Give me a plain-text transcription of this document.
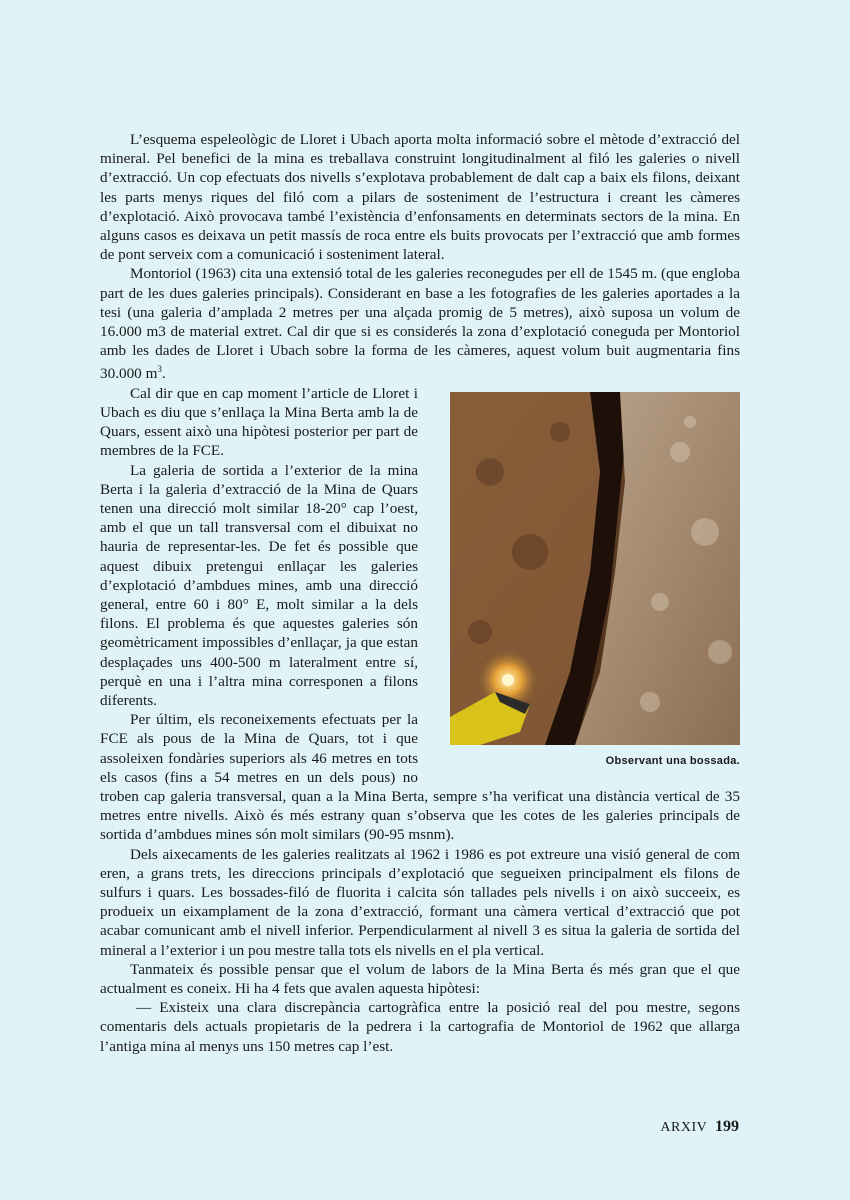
L’esquema espeleològic de Lloret i Ubach aporta molta informació sobre el mètode d’extracció del mineral. Pel benefici de la mina es treballava construint longitudinalment al filó les galeries o nivell d’extracció. Un cop efectuats dos nivells s’explotava probablement de dalt cap a baix els filons, deixant les parts menys riques del filó com a pilars de sosteniment de l’estructura i creant les càmeres d’explotació. Això provocava també l’existència d’enfonsaments en determinats sectors de la mina. En alguns casos es deixava un petit massís de roca entre els buits provocats per l’extracció que amb formes de pont serveix com a comunicació i sosteniment lateral.

Montoriol (1963) cita una extensió total de les galeries reconegudes per ell de 1545 m. (que engloba part de les dues galeries principals). Considerant en base a les fotografies de les galeries aportades a la tesi (una galeria d’amplada 2 metres per una alçada promig de 5 metres), això suposa un volum de 16.000 m3 de material extret. Cal dir que si es considerés la zona d’explotació coneguda per Montoriol amb les dades de Lloret i Ubach sobre la forma de les càmeres, aquest volum buit augmentaria fins 30.000 $m^3$.

Observant una bossada.

Cal dir que en cap moment l’article de Lloret i Ubach es diu que s’enllaça la Mina Berta amb la de Quars, essent això una hipòtesi posterior per part de membres de la FCE.

La galeria de sortida a l’exterior de la mina Berta i la galeria d’extracció de la Mina de Quars tenen una direcció molt similar 18-20° cap l’oest, amb el que un tall transversal com el dibuixat no hauria de representar-les. De fet és possible que aquest dibuix pretengui enllaçar les galeries d’explotació d’ambdues mines, amb una direcció general, entre 60 i 80° E, molt similar a la dels filons. El problema és que aquestes galeries són geomètricament impossibles d’enllaçar, ja que estan desplaçades uns 400-500 m lateralment entre sí, perquè en una i l’altra mina corresponen a filons diferents.

Per últim, els reconeixements efectuats per la FCE als pous de la Mina de Quars, tot i que assoleixen fondàries superiors als 46 metres en tots els casos (fins a 54 metres en un dels pous) no troben cap galeria transversal, quan a la Mina Berta, sempre s’ha verificat una distància vertical de 35 metres entre nivells. Això és més estrany quan s’observa que les cotes de les galeries principals de sortida d’ambdues mines són molt similars (90-95 msnm).

Dels aixecaments de les galeries realitzats al 1962 i 1986 es pot extreure una visió general de com eren, a grans trets, les direccions principals d’explotació que segueixen principalment els filons de sulfurs i quars. Les bossades-filó de fluorita i calcita són tallades pels nivells i on això succeeix, es produeix un eixamplament de la zona d’extracció, formant una càmera vertical d’extracció que pot acabar comunicant amb el nivell inferior. Perpendicularment al nivell 3 es situa la galeria de sortida del mineral a l’exterior i un pou mestre talla tots els nivells en el pla vertical.

Tanmateix és possible pensar que el volum de labors de la Mina Berta és més gran que el que actualment es coneix. Hi ha 4 fets que avalen aquesta hipòtesi:

— Existeix una clara discrepància cartogràfica entre la posició real del pou mestre, segons comentaris dels actuals propietaris de la pedrera i la cartografia de Montoriol de 1962 que allarga l’antiga mina al menys uns 150 metres cap l’est.

ARXIV 199
